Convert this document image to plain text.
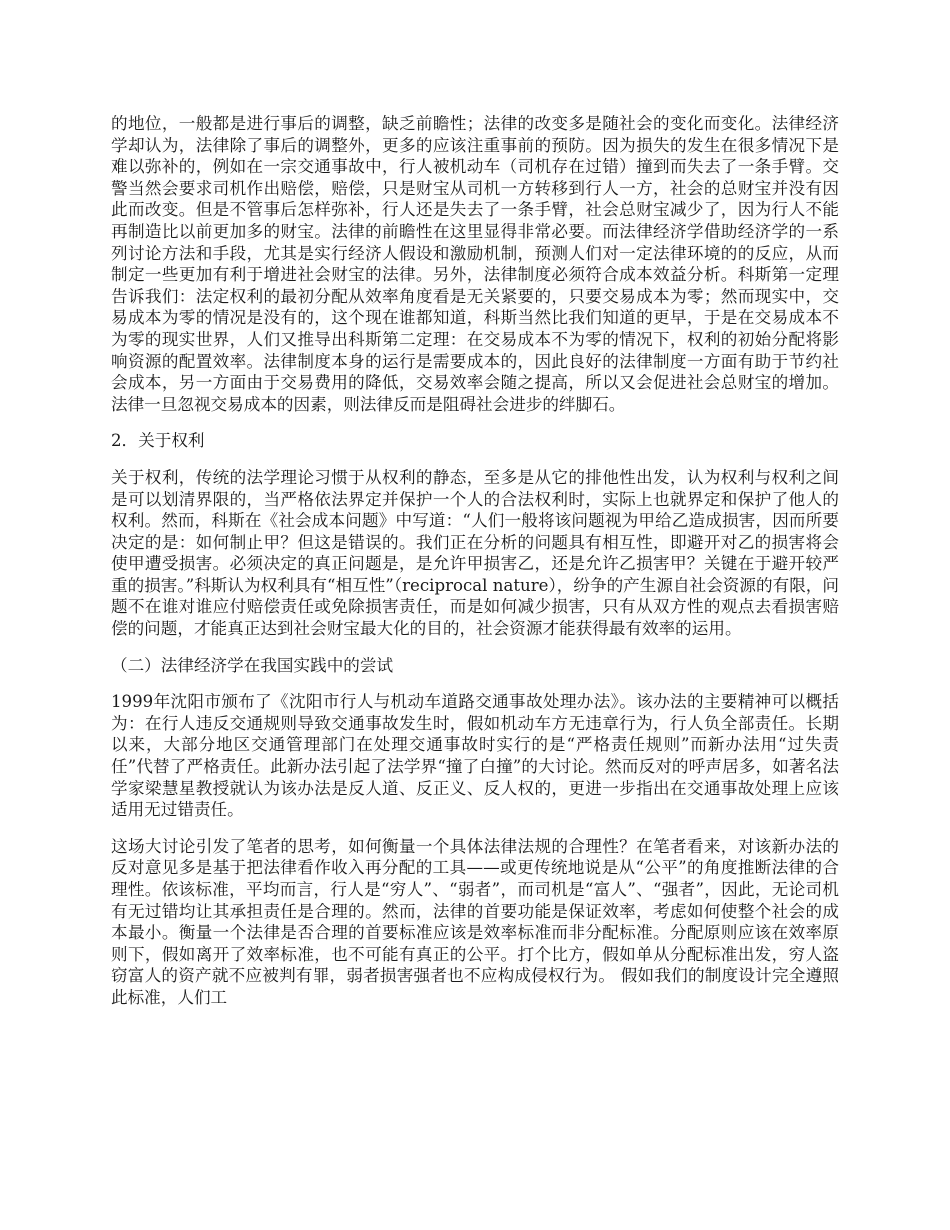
的地位，一般都是进行事后的调整，缺乏前瞻性；法律的改变多是随社会的变化而变化。法律经济学却认为，法律除了事后的调整外，更多的应该注重事前的预防。因为损失的发生在很多情况下是难以弥补的，例如在一宗交通事故中，行人被机动车（司机存在过错）撞到而失去了一条手臂。交警当然会要求司机作出赔偿，赔偿，只是财宝从司机一方转移到行人一方，社会的总财宝并没有因此而改变。但是不管事后怎样弥补，行人还是失去了一条手臂，社会总财宝减少了，因为行人不能再制造比以前更加多的财宝。法律的前瞻性在这里显得非常必要。而法律经济学借助经济学的一系列讨论方法和手段，尤其是实行经济人假设和激励机制，预测人们对一定法律环境的的反应，从而制定一些更加有利于增进社会财宝的法律。另外，法律制度必须符合成本效益分析。科斯第一定理告诉我们：法定权利的最初分配从效率角度看是无关紧要的，只要交易成本为零；然而现实中，交易成本为零的情况是没有的，这个现在谁都知道，科斯当然比我们知道的更早，于是在交易成本不为零的现实世界，人们又推导出科斯第二定理：在交易成本不为零的情况下，权利的初始分配将影响资源的配置效率。法律制度本身的运行是需要成本的，因此良好的法律制度一方面有助于节约社会成本，另一方面由于交易费用的降低，交易效率会随之提高，所以又会促进社会总财宝的增加。法律一旦忽视交易成本的因素，则法律反而是阻碍社会进步的绊脚石。

2．关于权利

关于权利，传统的法学理论习惯于从权利的静态，至多是从它的排他性出发，认为权利与权利之间是可以划清界限的，当严格依法界定并保护一个人的合法权利时，实际上也就界定和保护了他人的权利。然而，科斯在《社会成本问题》中写道：“人们一般将该问题视为甲给乙造成损害，因而所要决定的是：如何制止甲？但这是错误的。我们正在分析的问题具有相互性，即避开对乙的损害将会使甲遭受损害。必须决定的真正问题是，是允许甲损害乙，还是允许乙损害甲？关键在于避开较严重的损害。”科斯认为权利具有“相互性”（reciprocal nature），纷争的产生源自社会资源的有限，问题不在谁对谁应付赔偿责任或免除损害责任，而是如何减少损害，只有从双方性的观点去看损害赔偿的问题，才能真正达到社会财宝最大化的目的，社会资源才能获得最有效率的运用。

（二）法律经济学在我国实践中的尝试

1999年沈阳市颁布了《沈阳市行人与机动车道路交通事故处理办法》。该办法的主要精神可以概括为：在行人违反交通规则导致交通事故发生时，假如机动车方无违章行为，行人负全部责任。长期以来，大部分地区交通管理部门在处理交通事故时实行的是“严格责任规则”而新办法用“过失责任”代替了严格责任。此新办法引起了法学界“撞了白撞”的大讨论。然而反对的呼声居多，如著名法学家梁慧星教授就认为该办法是反人道、反正义、反人权的，更进一步指出在交通事故处理上应该适用无过错责任。

这场大讨论引发了笔者的思考，如何衡量一个具体法律法规的合理性？在笔者看来，对该新办法的反对意见多是基于把法律看作收入再分配的工具——或更传统地说是从“公平”的角度推断法律的合理性。依该标准，平均而言，行人是“穷人”、“弱者”，而司机是“富人”、“强者”，因此，无论司机有无过错均让其承担责任是合理的。然而，法律的首要功能是保证效率，考虑如何使整个社会的成本最小。衡量一个法律是否合理的首要标准应该是效率标准而非分配标准。分配原则应该在效率原则下，假如离开了效率标准，也不可能有真正的公平。打个比方，假如单从分配标准出发，穷人盗窃富人的资产就不应被判有罪，弱者损害强者也不应构成侵权行为。 假如我们的制度设计完全遵照此标准，人们工
